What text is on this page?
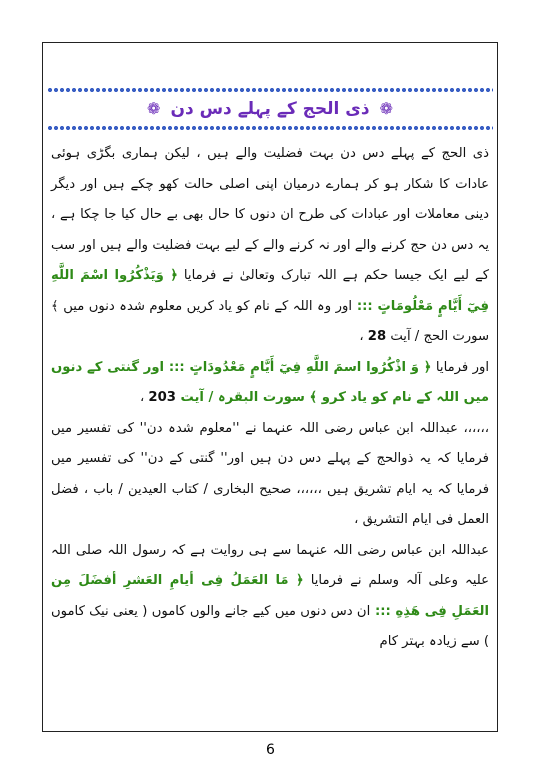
❁
ذی الحج کے پہلے دس دن
❁

ذی الحج کے پہلے دس دن بہت فضلیت والے ہیں ، لیکن ہماری بگڑی ہوئی عادات کا شکار ہو کر ہمارے درمیان اپنی اصلی حالت کھو چکے ہیں اور دیگر دینی معاملات اور عبادات کی طرح ان دنوں کا حال بھی بے حال کیا جا چکا ہے ، یہ دس دن حج کرنے والے اور نہ کرنے والے کے لیے بہت فضلیت والے ہیں اور سب کے لیے ایک جیسا حکم ہے اللہ تبارک وتعالیٰ نے فرمایا ﴿ وَيَذْكُرُوا اسْمَ اللَّهِ فِيٓ أَيَّامٍ مَعْلُومَاتٍ ::: اور وہ اللہ کے نام کو یاد کریں معلوم شدہ دنوں میں ﴾ سورت الحج / آیت 28 ،

اور فرمایا ﴿ وَ اذْكُرُوا اسمَ اللَّهِ فِيٓ أَيَّامٍ مَعْدُودَاتٍ ::: اور گنتی کے دنوں میں اللہ کے نام کو یاد کرو ﴾ سورت البقرہ / آیت 203 ،

،،،،،، عبداللہ ابن عباس رضی اللہ عنہما نے ''معلوم شدہ دن'' کی تفسیر میں فرمایا کہ یہ ذوالحج کے پہلے دس دن ہیں اور'' گنتی کے دن'' کی تفسیر میں فرمایا کہ یہ ایام تشریق ہیں ،،،،،، صحیح البخاری / کتاب العیدین / باب ، فضل العمل فی ایام التشریق ،

عبداللہ ابن عباس رضی اللہ عنہما سے ہی روایت ہے کہ رسول اللہ صلی اللہ علیہ وعلی آلہ وسلم نے فرمایا ﴿ مَا العَمَلُ فِى أيامِ العَشرِ أفضَلَ مِن العَمَلِ فِى هَذِهِ ::: ان دس دنوں میں کیے جانے والوں کاموں ( یعنی نیک کاموں ) سے زیادہ بہتر کام

6
